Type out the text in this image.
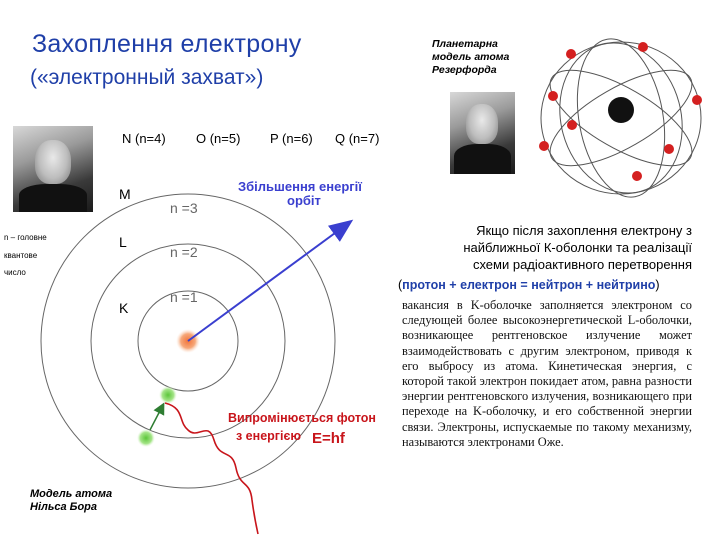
Захоплення електрону
(«электронный захват»)
Планетарна
модель атома
Резерфорда
N (n=4) O (n=5) P (n=6) Q (n=7)
n =3
n =2
n =1
M
L
K
Збільшення енергії
орбіт
Випромінюється фотон
з енергією E=hf
n – головне
квантове
число
Модель атома
Нільса Бора
Якщо після захоплення електрону з
найближньої К-оболонки та реалізації
схеми радіоактивного перетворення
(протон + електрон = нейтрон + нейтрино)
вакансия в K-оболочке заполняется электроном со следующей более высокоэнергетической L-оболочки, возникающее рентгеновское излучение может взаимодействовать с другим электроном, приводя к его выбросу из атома. Кинетическая энергия, с которой такой электрон покидает атом, равна разности энергии рентгеновского излучения, возникающего при переходе на K-оболочку, и его собственной энергии связи. Электроны, испускаемые по такому механизму, называются электронами Оже.
